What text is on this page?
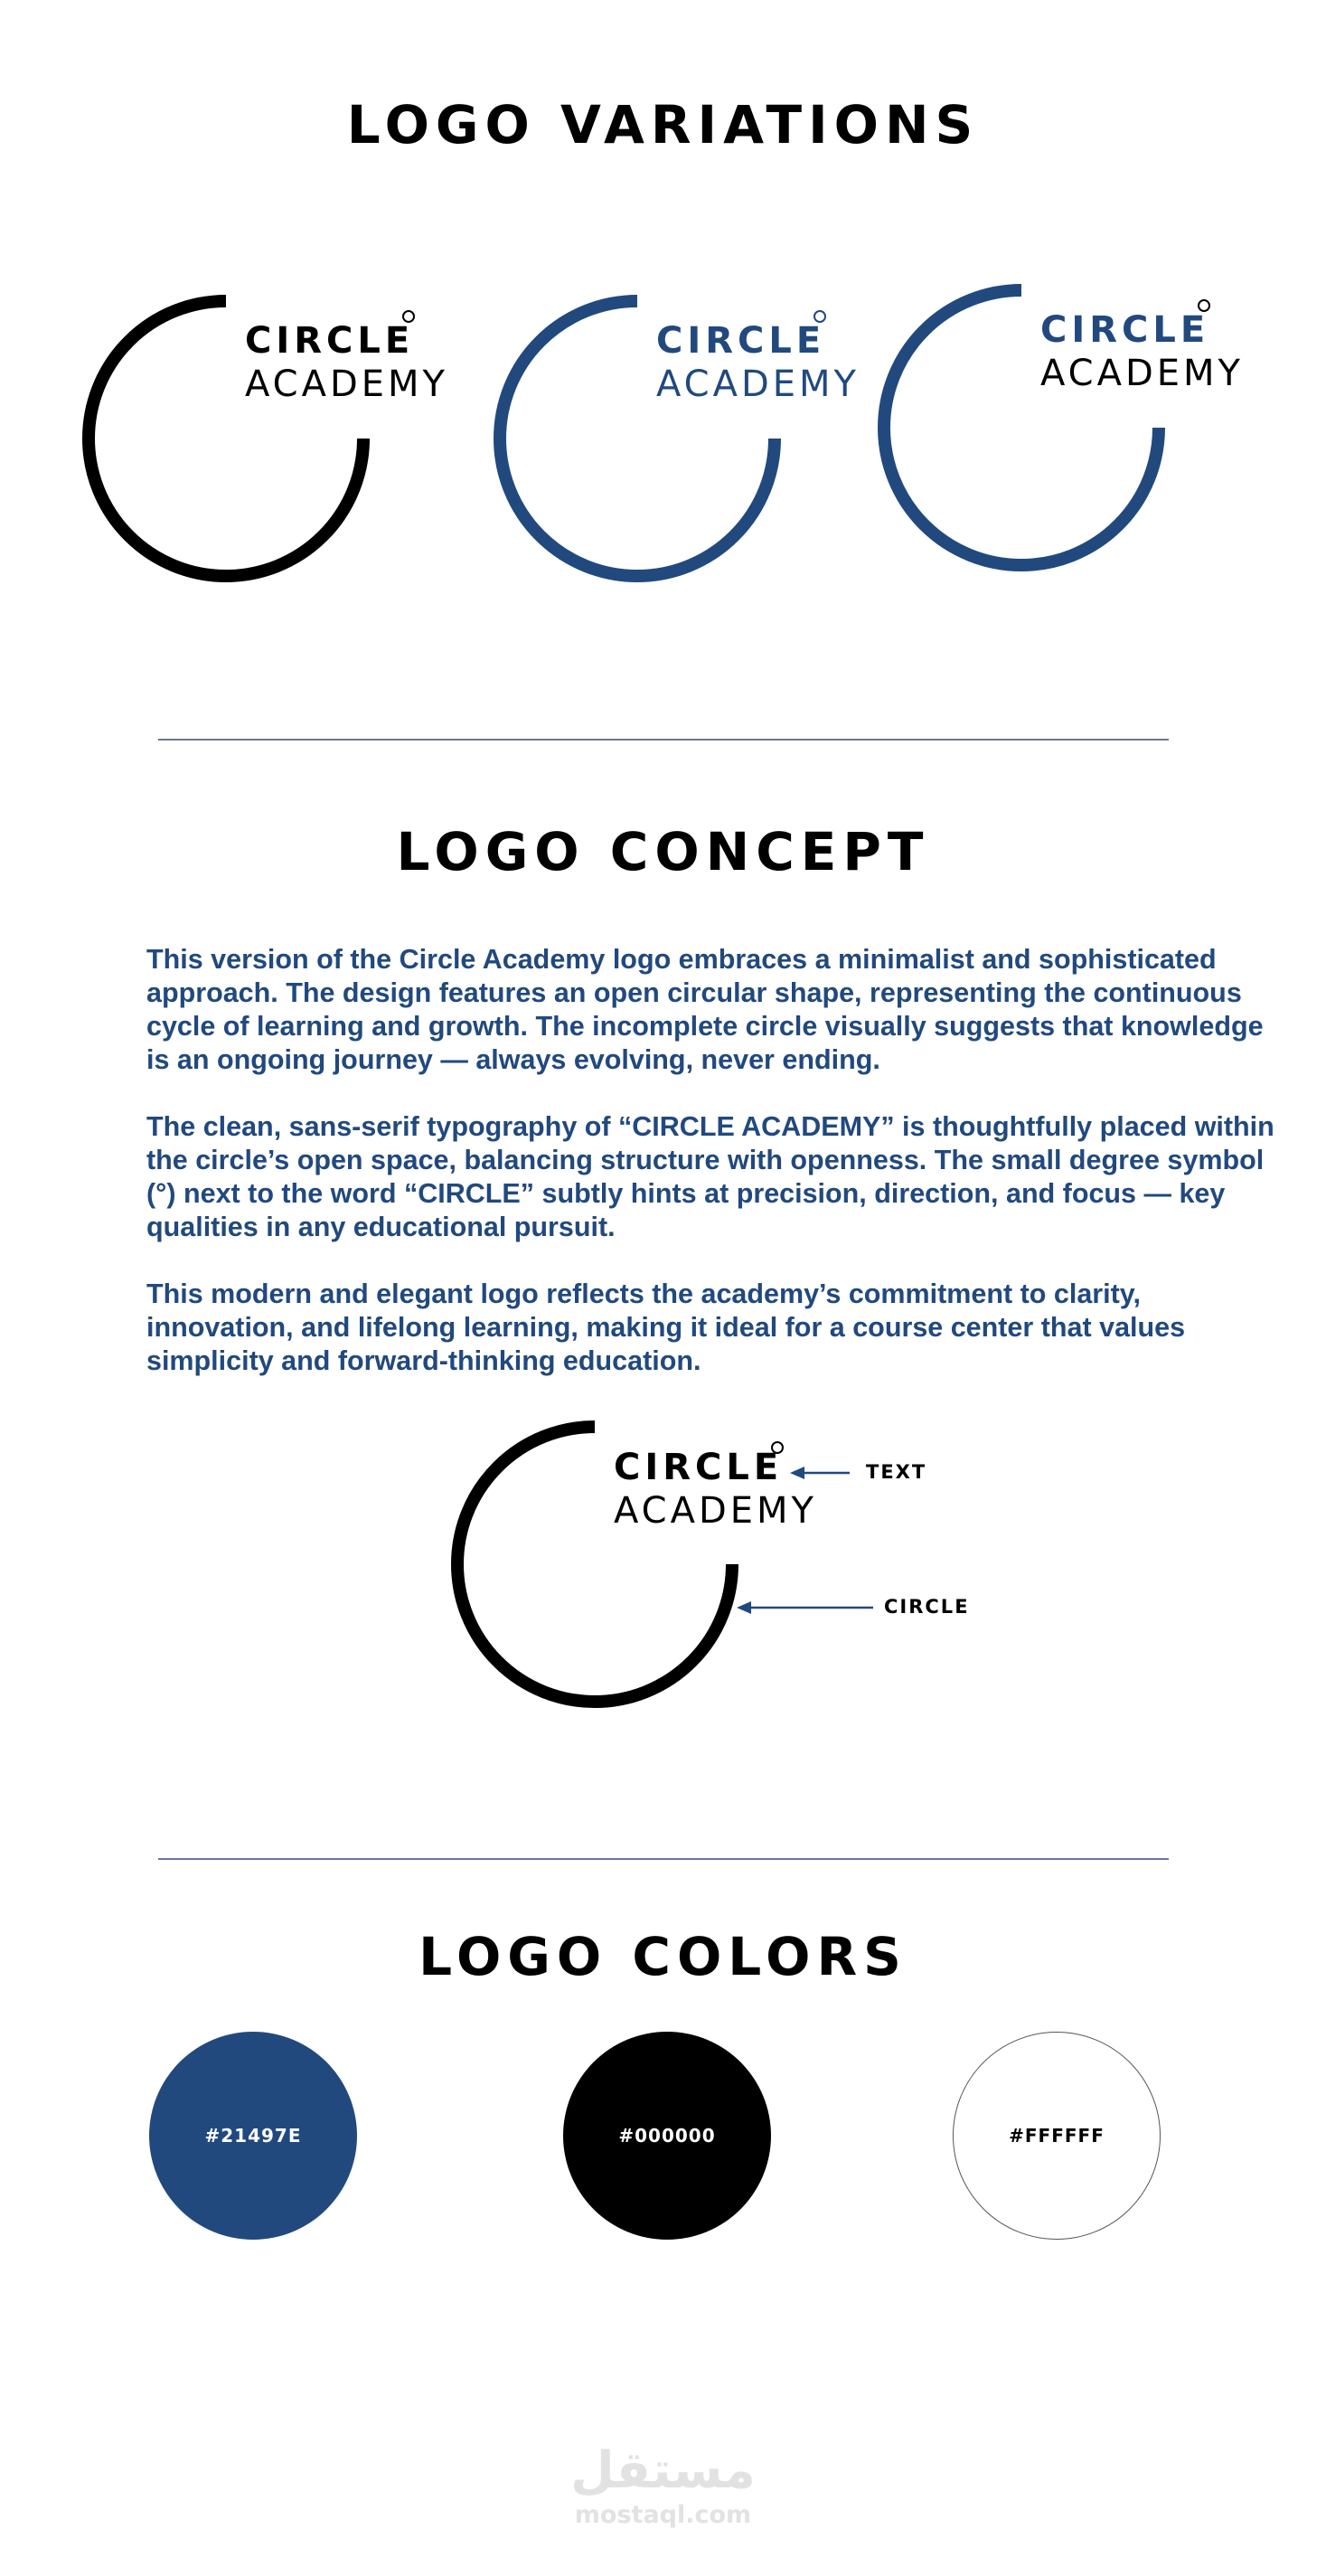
LOGO VARIATIONS
CIRCLE
ACADEMY
CIRCLE
ACADEMY
CIRCLE
ACADEMY
LOGO CONCEPT

This version of the Circle Academy logo embraces a minimalist and sophisticated approach. The design features an open circular shape, representing the continuous cycle of learning and growth. The incomplete circle visually suggests that knowledge is an ongoing journey — always evolving, never ending.

The clean, sans-serif typography of “CIRCLE ACADEMY” is thoughtfully placed within the circle’s open space, balancing structure with openness. The small degree symbol (°) next to the word “CIRCLE” subtly hints at precision, direction, and focus — key qualities in any educational pursuit.

This modern and elegant logo reflects the academy’s commitment to clarity, innovation, and lifelong learning, making it ideal for a course center that values simplicity and forward-thinking education.

CIRCLE
ACADEMY
TEXT
CIRCLE
LOGO COLORS
#21497E	#000000	#FFFFFF
مستقل
mostaql.com
